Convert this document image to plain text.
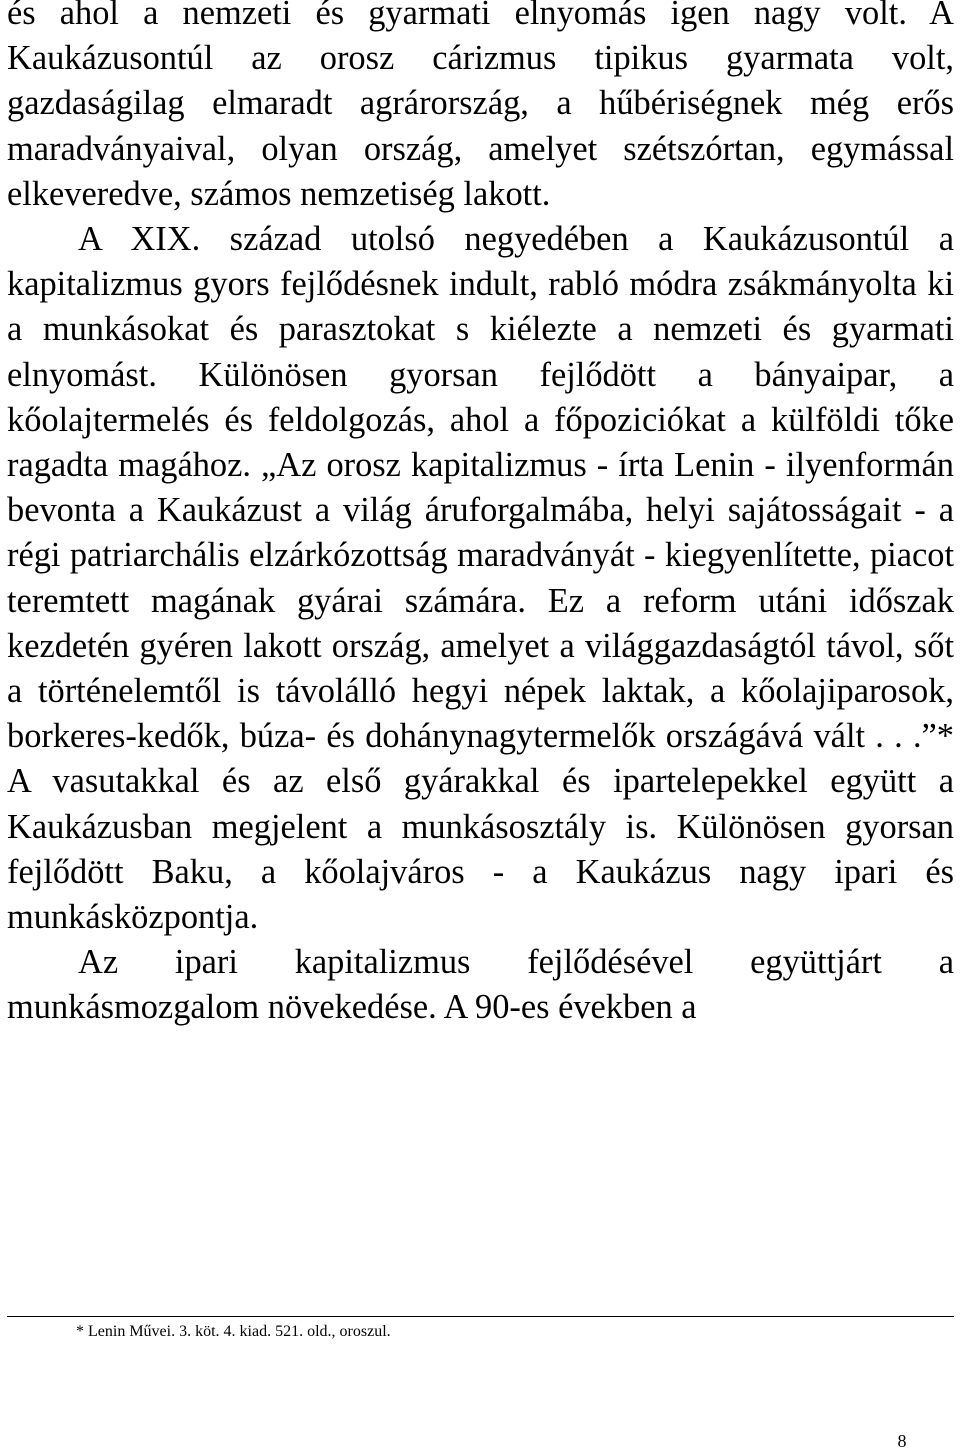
és ahol a nemzeti és gyarmati elnyomás igen nagy volt. A Kaukázusontúl az orosz cárizmus tipikus gyarmata volt, gazdaságilag elmaradt agrárország, a hűbériségnek még erős maradványaival, olyan ország, amelyet szétszórtan, egymással elkeveredve, számos nemzetiség lakott.

A XIX. század utolsó negyedében a Kaukázusontúl a kapitalizmus gyors fejlődésnek indult, rabló módra zsákmányolta ki a munkásokat és parasztokat s kiélezte a nemzeti és gyarmati elnyomást. Különösen gyorsan fejlődött a bányaipar, a kőolajtermelés és feldolgozás, ahol a főpoziciókat a külföldi tőke ragadta magához. „Az orosz kapitalizmus - írta Lenin - ilyenformán bevonta a Kaukázust a világ áruforgalmába, helyi sajátosságait - a régi patriarchális elzárkózottság maradványát - kiegyenlítette, piacot teremtett magának gyárai számára. Ez a reform utáni időszak kezdetén gyéren lakott ország, amelyet a világgazdaságtól távol, sőt a történelemtől is távolálló hegyi népek laktak, a kőolajiparosok, borkeres-kedők, búza- és dohánynagytermelők országává vált . . .”* A vasutakkal és az első gyárakkal és ipartelepekkel együtt a Kaukázusban megjelent a munkásosztály is. Különösen gyorsan fejlődött Baku, a kőolajváros - a Kaukázus nagy ipari és munkásközpontja.

Az ipari kapitalizmus fejlődésével együttjárt a munkásmozgalom növekedése. A 90-es években a

* Lenin Művei. 3. köt. 4. kiad. 521. old., oroszul.

8
